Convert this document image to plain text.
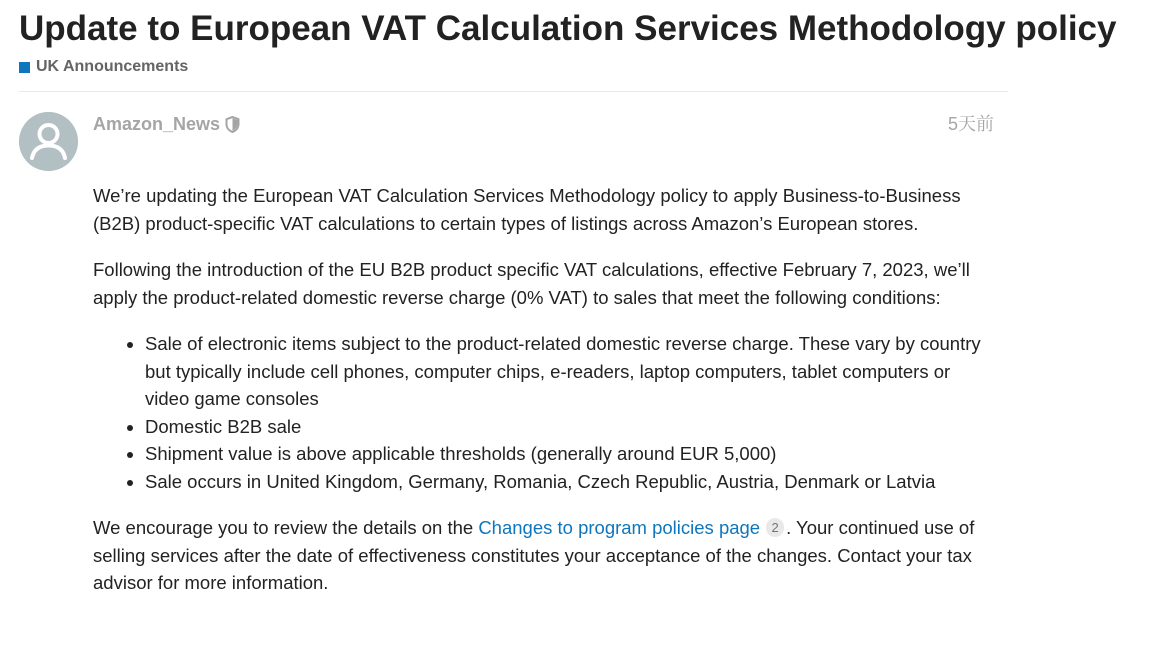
Update to European VAT Calculation Services Methodology policy
UK Announcements
Amazon_News	5天前

We’re updating the European VAT Calculation Services Methodology policy to apply Business-to-Business (B2B) product-specific VAT calculations to certain types of listings across Amazon’s European stores.

Following the introduction of the EU B2B product specific VAT calculations, effective February 7, 2023, we’ll apply the product-related domestic reverse charge (0% VAT) to sales that meet the following conditions:

• Sale of electronic items subject to the product-related domestic reverse charge. These vary by country but typically include cell phones, computer chips, e-readers, laptop computers, tablet computers or video game consoles
• Domestic B2B sale
• Shipment value is above applicable thresholds (generally around EUR 5,000)
• Sale occurs in United Kingdom, Germany, Romania, Czech Republic, Austria, Denmark or Latvia

We encourage you to review the details on the Changes to program policies page 2 . Your continued use of selling services after the date of effectiveness constitutes your acceptance of the changes. Contact your tax advisor for more information.
